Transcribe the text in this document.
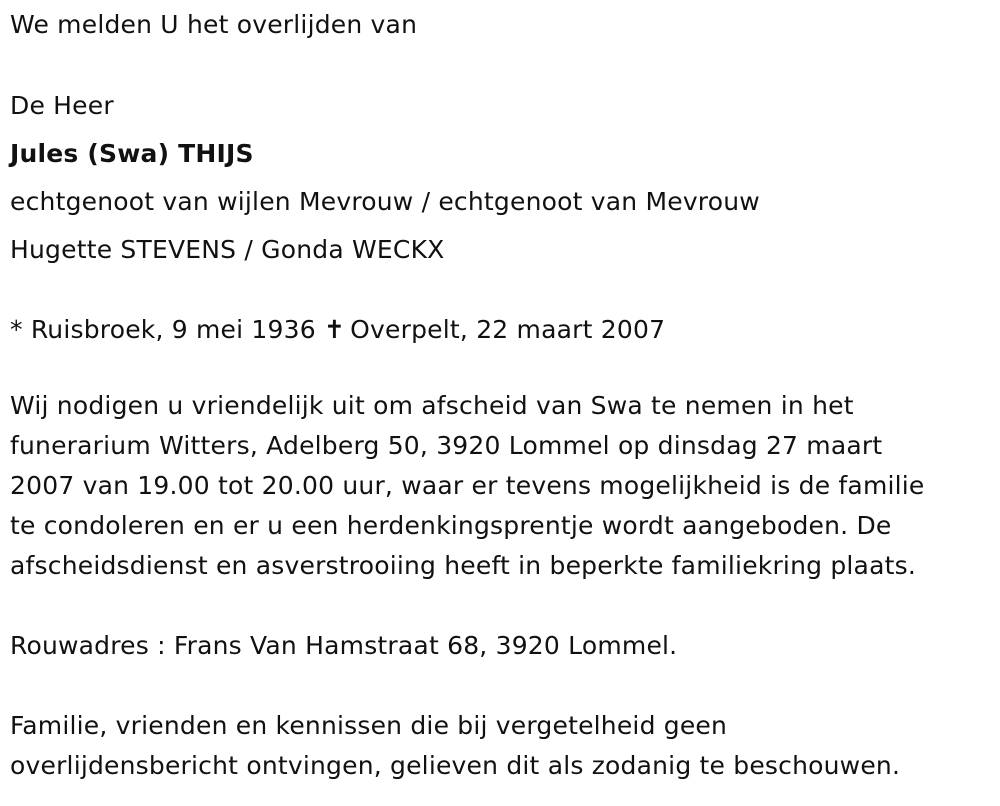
We melden U het overlijden van

De Heer

Jules (Swa) THIJS

echtgenoot van wijlen Mevrouw / echtgenoot van Mevrouw

Hugette STEVENS / Gonda WECKX

* Ruisbroek, 9 mei 1936 ✝ Overpelt, 22 maart 2007

Wij nodigen u vriendelijk uit om afscheid van Swa te nemen in het

funerarium Witters, Adelberg 50, 3920 Lommel op dinsdag 27 maart

2007 van 19.00 tot 20.00 uur, waar er tevens mogelijkheid is de familie

te condoleren en er u een herdenkingsprentje wordt aangeboden. De

afscheidsdienst en asverstrooiing heeft in beperkte familiekring plaats.

Rouwadres : Frans Van Hamstraat 68, 3920 Lommel.

Familie, vrienden en kennissen die bij vergetelheid geen

overlijdensbericht ontvingen, gelieven dit als zodanig te beschouwen.
